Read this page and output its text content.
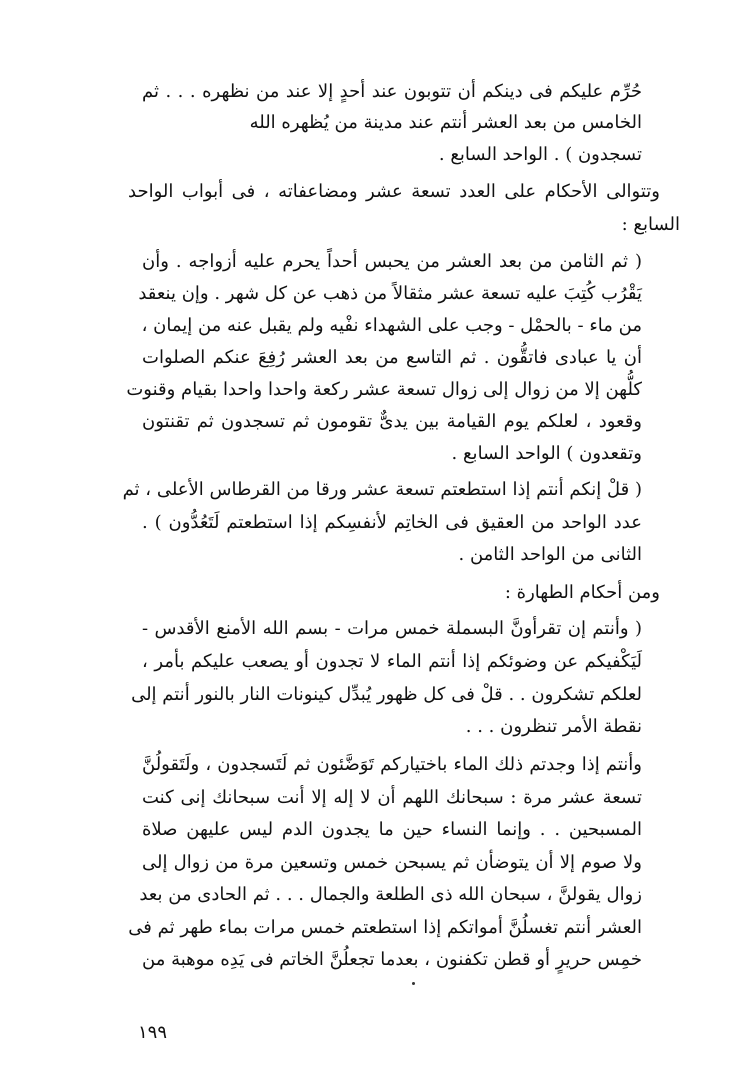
حُرِّم عليكم فى دينكم أن تتوبون عند أحدٍ إلا عند من نظهره . . . ثم
الخامس من بعد العشر أنتم عند مدينة من يُظهره الله
تسجدون ) . الواحد السابع .
وتتوالى الأحكام على العدد تسعة عشر ومضاعفاته ، فى أبواب الواحد
السابع :
( ثم الثامن من بعد العشر من يحبس أحداً يحرم عليه أزواجه . وأن
يَقْرُب كُتِبَ عليه تسعة عشر مثقالاً من ذهب عن كل شهر . وإن ينعقد
من ماء - بالحمْل - وجب على الشهداء نفْيه ولم يقبل عنه من إيمان ،
أن يا عبادى فاتقُّون . ثم التاسع من بعد العشر رُفِعَ عنكم الصلوات
كلُّهن إلا من زوال إلى زوال تسعة عشر ركعة واحدا واحدا بقيام وقنوت
وقعود ، لعلكم يوم القيامة بين يدىٌّ تقومون ثم تسجدون ثم تقنتون
وتقعدون ) الواحد السابع .
( قلْ إنكم أنتم إذا استطعتم تسعة عشر ورقا من القرطاس الأعلى ، ثم
عدد الواحد من العقيق فى الخاتِم لأنفسِكم إذا استطعتم لَتَعُدُّون ) .
الثانى من الواحد الثامن .
ومن أحكام الطهارة :
( وأنتم إن تقرأونَّ البسملة خمس مرات - بسم الله الأمنع الأقدس -
لَيَكْفيكم عن وضوئكم إذا أنتم الماء لا تجدون أو يصعب عليكم بأمر ،
لعلكم تشكرون . . قلْ فى كل ظهور يُبدِّل كينونات النار بالنور أنتم إلى
نقطة الأمر تنظرون . . .
وأنتم إذا وجدتم ذلك الماء باختياركم تَوَضَّئون ثم لَتَسجدون ، ولَتَقولُنَّ
تسعة عشر مرة : سبحانك اللهم أن لا إله إلا أنت سبحانك إنى كنت
المسبحين . . وإنما النساء حين ما يجدون الدم ليس عليهن صلاة
ولا صوم إلا أن يتوضأن ثم يسبحن خمس وتسعين مرة من زوال إلى
زوال يقولنَّ ، سبحان الله ذى الطلعة والجمال . . . ثم الحادى من بعد
العشر أنتم تغسلُنَّ أمواتكم إذا استطعتم خمس مرات بماء طهر ثم فى
خمِس حريرٍ أو قطن تكفنون ، بعدما تجعلُنَّ الخاتم فى يَدِه موهبة من
١٩٩
